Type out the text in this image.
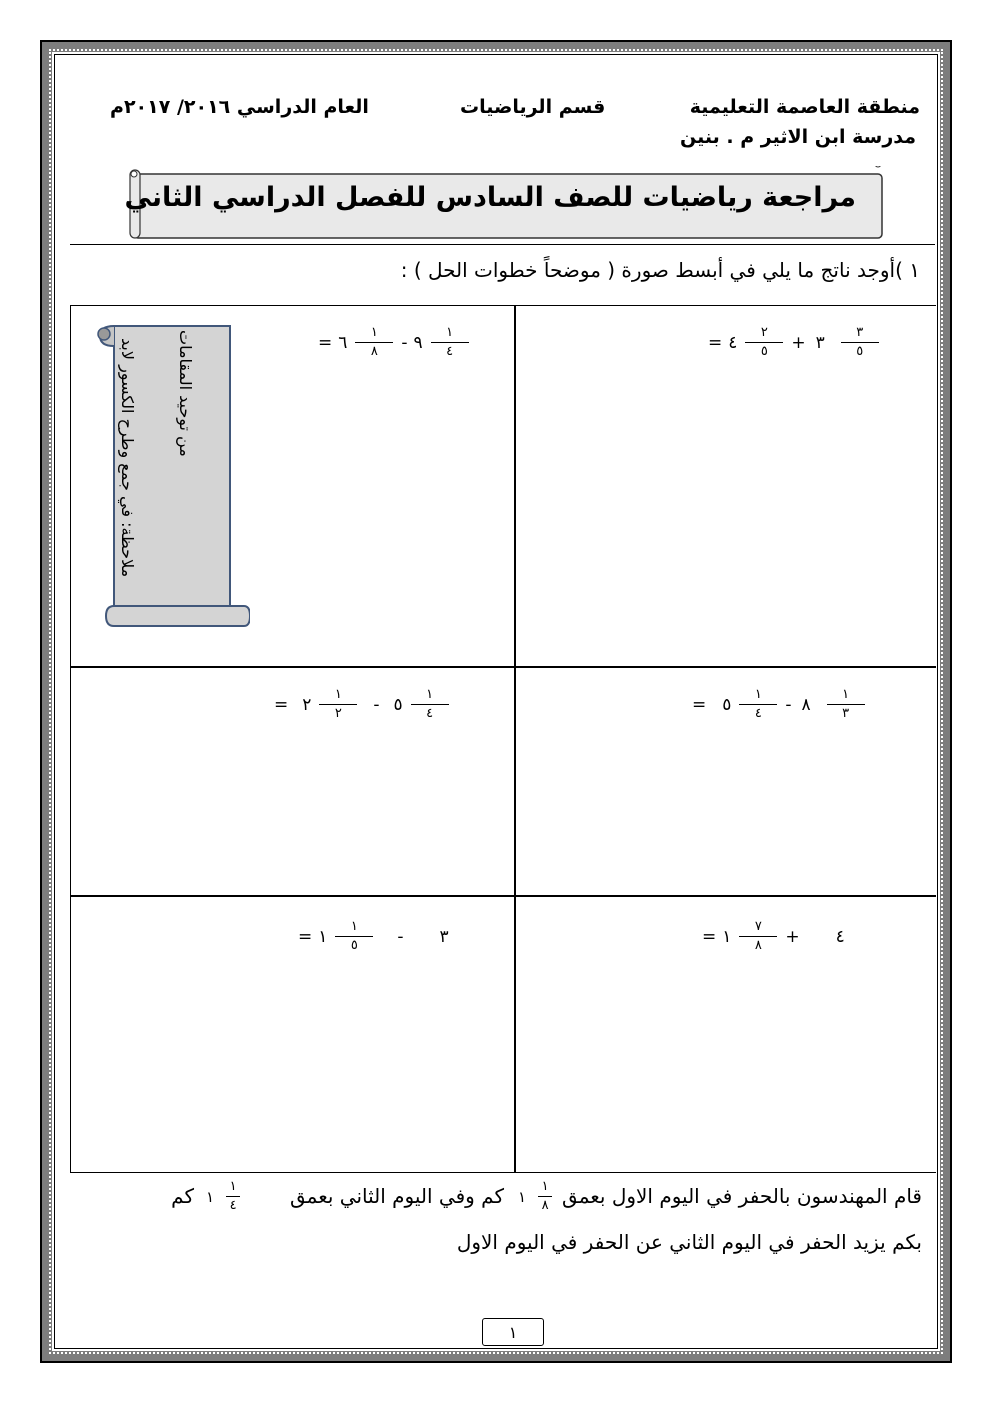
منطقة العاصمة التعليمية
مدرسة ابن الاثير م . بنين
قسم الرياضيات
العام الدراسي ٢٠١٦/ ٢٠١٧م
مراجعة رياضيات للصف السادس للفصل الدراسي الثاني
١ )أوجد ناتج ما يلي في أبسط صورة ( موضحاً خطوات الحل ) :
ملاحظة: في جمع وطرح الكسور لابد من توحيد المقامات	= ٤ $\frac{٢}{٥}$ + ٣ $\frac{٣}{٥}$
= ٦ $\frac{١}{٨}$ - ٩ $\frac{١}{٤}$
= ٥ $\frac{١}{٤}$ - ٨ $\frac{١}{٣}$
= ٢ $\frac{١}{٢}$ - ٥ $\frac{١}{٤}$
= ١ $\frac{٧}{٨}$ + ٤
= ١ $\frac{١}{٥}$ - ٣
قام المهندسون بالحفر في اليوم الاول بعمق
١ $\frac{١}{٨}$
كم وفي اليوم الثاني بعمق
١ $\frac{١}{٤}$
كم
بكم يزيد الحفر في اليوم الثاني عن الحفر في اليوم الاول
١
